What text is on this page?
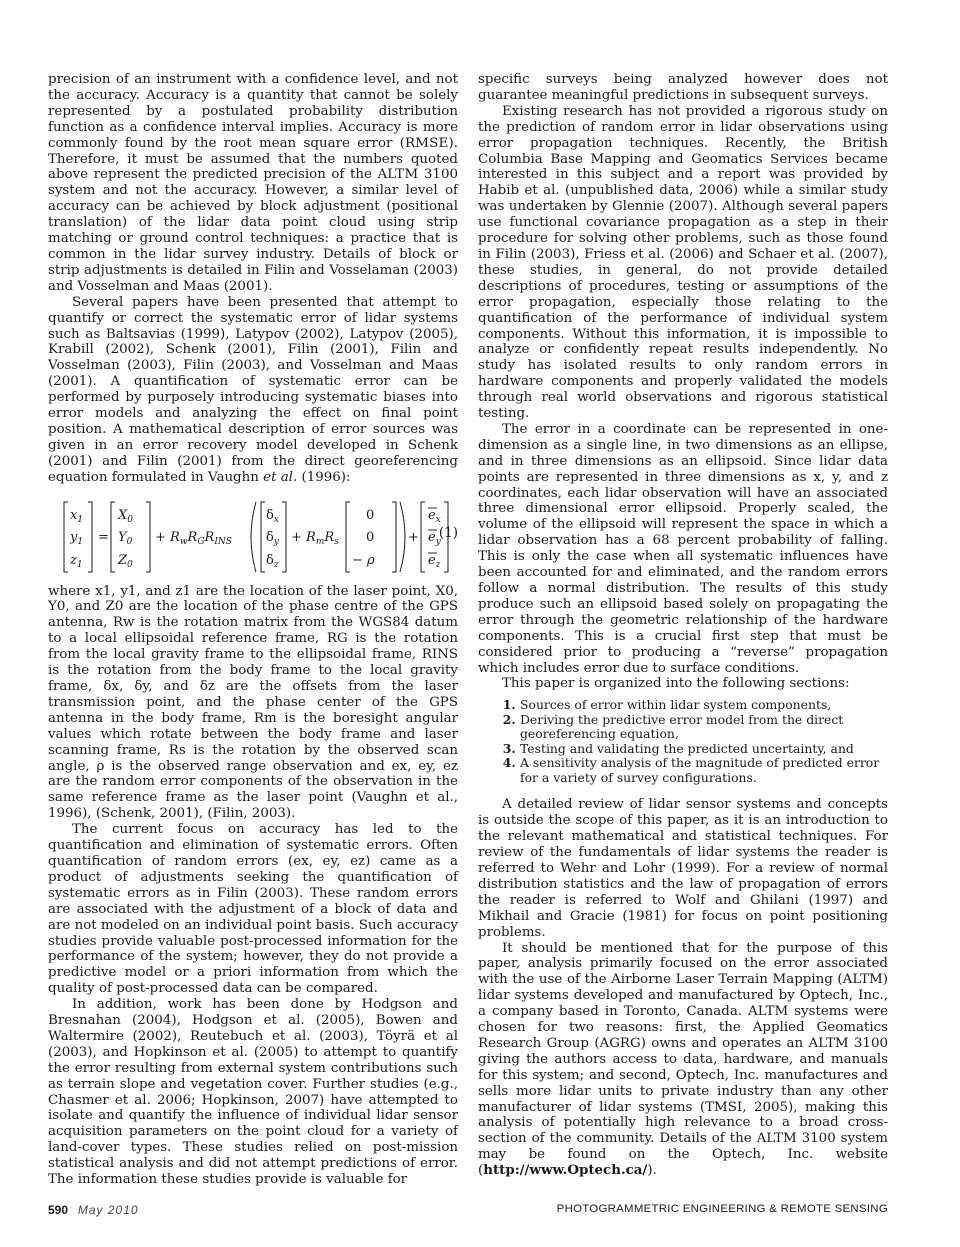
precision of an instrument with a confidence level, and not the accuracy. Accuracy is a quantity that cannot be solely represented by a postulated probability distribution function as a confidence interval implies. Accuracy is more commonly found by the root mean square error (RMSE). Therefore, it must be assumed that the numbers quoted above represent the predicted precision of the ALTM 3100 system and not the accuracy. However, a similar level of accuracy can be achieved by block adjustment (positional translation) of the lidar data point cloud using strip matching or ground control techniques: a practice that is common in the lidar survey industry. Details of block or strip adjustments is detailed in Filin and Vosselaman (2003) and Vosselman and Maas (2001).

Several papers have been presented that attempt to quantify or correct the systematic error of lidar systems such as Baltsavias (1999), Latypov (2002), Latypov (2005), Krabill (2002), Schenk (2001), Filin (2001), Filin and Vosselman (2003), Filin (2003), and Vosselman and Maas (2001). A quantification of systematic error can be performed by purposely introducing systematic biases into error models and analyzing the effect on final point position. A mathematical description of error sources was given in an error recovery model developed in Schenk (2001) and Filin (2001) from the direct georeferencing equation formulated in Vaughn et al. (1996):

$x_1$
$y_1$
$z_1$
=
$X_0$
$Y_0$
$Z_0$
+ $R_wR_GR_{INS}$
$\delta_x$
$\delta_y$
$\delta_z$
+ $R_mR_s$
0
0
− ρ
+
$e_x$
$e_y$
$e_z$
(1)

where x1, y1, and z1 are the location of the laser point, X0, Y0, and Z0 are the location of the phase centre of the GPS antenna, Rw is the rotation matrix from the WGS84 datum to a local ellipsoidal reference frame, RG is the rotation from the local gravity frame to the ellipsoidal frame, RINS is the rotation from the body frame to the local gravity frame, δx, δy, and δz are the offsets from the laser transmission point, and the phase center of the GPS antenna in the body frame, Rm is the boresight angular values which rotate between the body frame and laser scanning frame, Rs is the rotation by the observed scan angle, ρ is the observed range observation and ex, ey, ez are the random error components of the observation in the same reference frame as the laser point (Vaughn et al., 1996), (Schenk, 2001), (Filin, 2003).

The current focus on accuracy has led to the quantification and elimination of systematic errors. Often quantification of random errors (ex, ey, ez) came as a product of adjustments seeking the quantification of systematic errors as in Filin (2003). These random errors are associated with the adjustment of a block of data and are not modeled on an individual point basis. Such accuracy studies provide valuable post-processed information for the performance of the system; however, they do not provide a predictive model or a priori information from which the quality of post-processed data can be compared.

In addition, work has been done by Hodgson and Bresnahan (2004), Hodgson et al. (2005), Bowen and Waltermire (2002), Reutebuch et al. (2003), Töyrä et al (2003), and Hopkinson et al. (2005) to attempt to quantify the error resulting from external system contributions such as terrain slope and vegetation cover. Further studies (e.g., Chasmer et al. 2006; Hopkinson, 2007) have attempted to isolate and quantify the influence of individual lidar sensor acquisition parameters on the point cloud for a variety of land-cover types. These studies relied on post-mission statistical analysis and did not attempt predictions of error. The information these studies provide is valuable for

specific surveys being analyzed however does not guarantee meaningful predictions in subsequent surveys.

Existing research has not provided a rigorous study on the prediction of random error in lidar observations using error propagation techniques. Recently, the British Columbia Base Mapping and Geomatics Services became interested in this subject and a report was provided by Habib et al. (unpublished data, 2006) while a similar study was undertaken by Glennie (2007). Although several papers use functional covariance propagation as a step in their procedure for solving other problems, such as those found in Filin (2003), Friess et al. (2006) and Schaer et al. (2007), these studies, in general, do not provide detailed descriptions of procedures, testing or assumptions of the error propagation, especially those relating to the quantification of the performance of individual system components. Without this information, it is impossible to analyze or confidently repeat results independently. No study has isolated results to only random errors in hardware components and properly validated the models through real world observations and rigorous statistical testing.

The error in a coordinate can be represented in one-dimension as a single line, in two dimensions as an ellipse, and in three dimensions as an ellipsoid. Since lidar data points are represented in three dimensions as x, y, and z coordinates, each lidar observation will have an associated three dimensional error ellipsoid. Properly scaled, the volume of the ellipsoid will represent the space in which a lidar observation has a 68 percent probability of falling. This is only the case when all systematic influences have been accounted for and eliminated, and the random errors follow a normal distribution. The results of this study produce such an ellipsoid based solely on propagating the error through the geometric relationship of the hardware components. This is a crucial first step that must be considered prior to producing a “reverse” propagation which includes error due to surface conditions.

This paper is organized into the following sections:

1. Sources of error within lidar system components,
2. Deriving the predictive error model from the direct georeferencing equation,
3. Testing and validating the predicted uncertainty, and
4. A sensitivity analysis of the magnitude of predicted error for a variety of survey configurations.

A detailed review of lidar sensor systems and concepts is outside the scope of this paper, as it is an introduction to the relevant mathematical and statistical techniques. For review of the fundamentals of lidar systems the reader is referred to Wehr and Lohr (1999). For a review of normal distribution statistics and the law of propagation of errors the reader is referred to Wolf and Ghilani (1997) and Mikhail and Gracie (1981) for focus on point positioning problems.

It should be mentioned that for the purpose of this paper, analysis primarily focused on the error associated with the use of the Airborne Laser Terrain Mapping (ALTM) lidar systems developed and manufactured by Optech, Inc., a company based in Toronto, Canada. ALTM systems were chosen for two reasons: first, the Applied Geomatics Research Group (AGRG) owns and operates an ALTM 3100 giving the authors access to data, hardware, and manuals for this system; and second, Optech, Inc. manufactures and sells more lidar units to private industry than any other manufacturer of lidar systems (TMSI, 2005), making this analysis of potentially high relevance to a broad cross-section of the community. Details of the ALTM 3100 system may be found on the Optech, Inc. website (http://www.Optech.ca/).

590 May 2010	PHOTOGRAMMETRIC ENGINEERING & REMOTE SENSING
